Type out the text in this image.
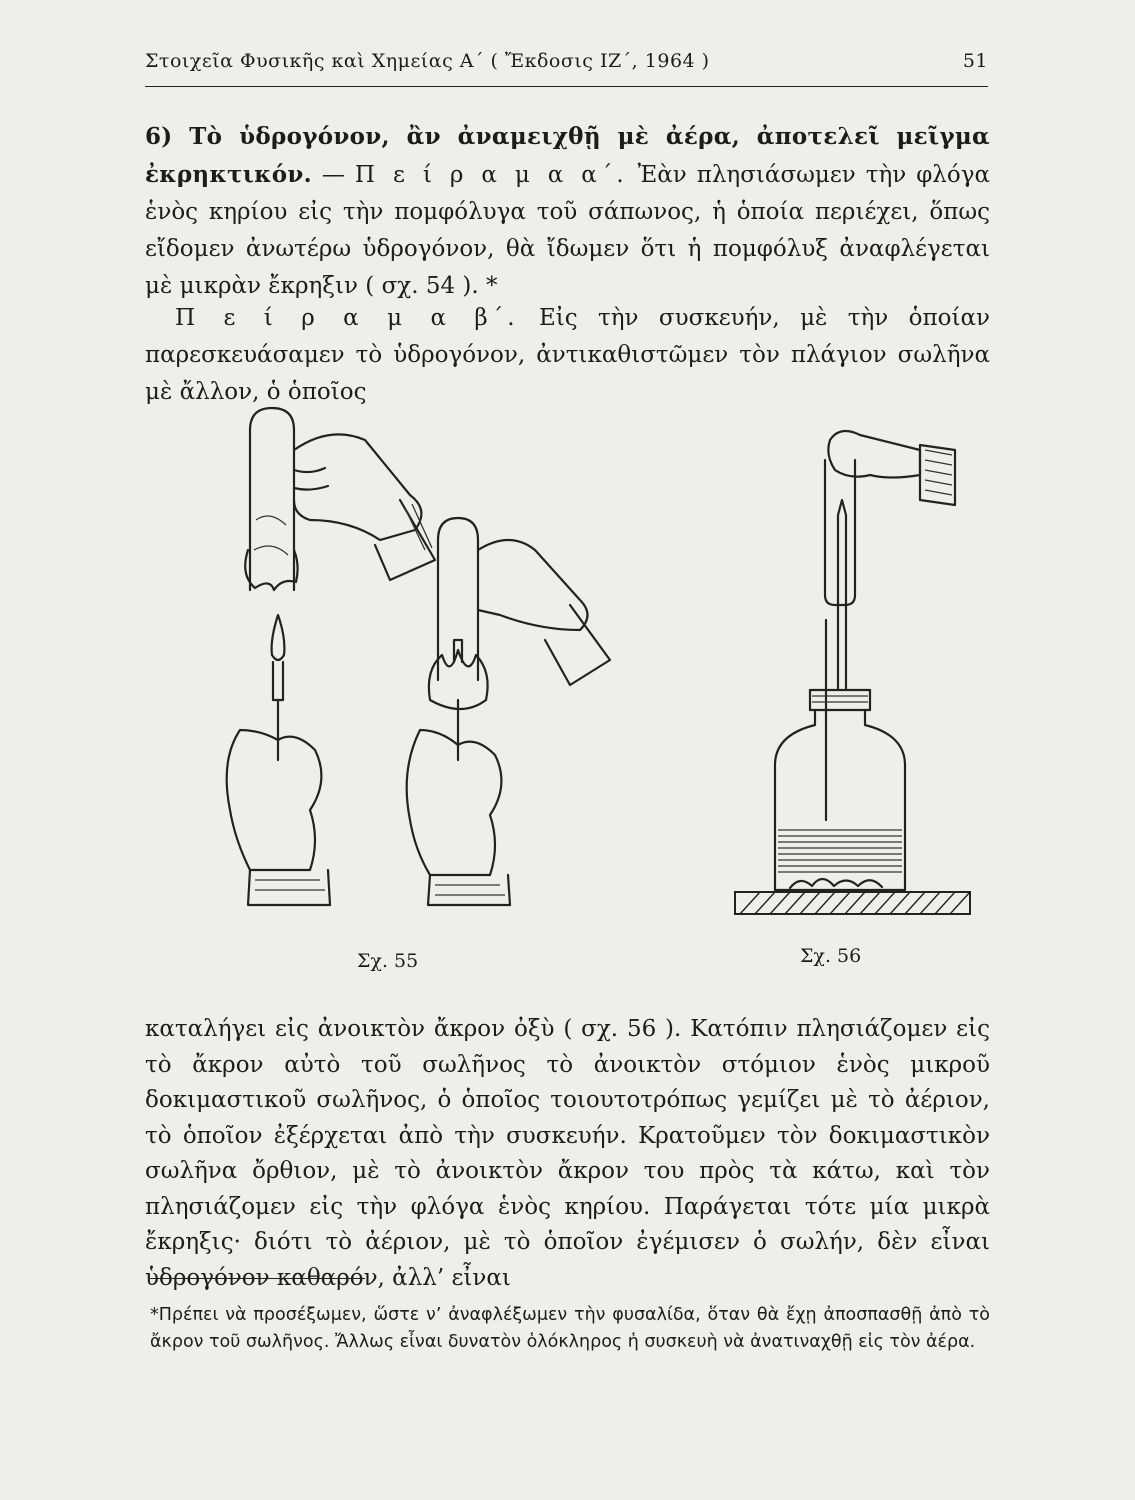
Στοιχεῖα Φυσικῆς καὶ Χημείας Α΄ ( Ἔκδοσις ΙΖ΄, 1964 )	51
6) Τὸ ὑδρογόνον, ἂν ἀναμειχθῇ μὲ ἀέρα, ἀποτελεῖ μεῖγμα ἐκρηκτικόν. — Π ε ί ρ α μ α α΄. Ἐὰν πλησιάσωμεν τὴν φλόγα ἑνὸς κηρίου εἰς τὴν πομφόλυγα τοῦ σάπωνος, ἡ ὁποία περιέχει, ὅπως εἴδομεν ἀνωτέρω ὑδρογόνον, θὰ ἴδωμεν ὅτι ἡ πομφόλυξ ἀναφλέγεται μὲ μικρὰν ἔκρηξιν ( σχ. 54 ). *
Π ε ί ρ α μ α β΄. Εἰς τὴν συσκευήν, μὲ τὴν ὁποίαν παρεσκευάσαμεν τὸ ὑδρογόνον, ἀντικαθιστῶμεν τὸν πλάγιον σωλῆνα μὲ ἄλλον, ὁ ὁποῖος
Σχ. 55	Σχ. 56
καταλήγει εἰς ἀνοικτὸν ἄκρον ὀξὺ ( σχ. 56 ). Κατόπιν πλησιάζομεν εἰς τὸ ἄκρον αὐτὸ τοῦ σωλῆνος τὸ ἀνοικτὸν στόμιον ἑνὸς μικροῦ δοκιμαστικοῦ σωλῆνος, ὁ ὁποῖος τοιουτοτρόπως γεμίζει μὲ τὸ ἀέριον, τὸ ὁποῖον ἐξέρχεται ἀπὸ τὴν συσκευήν. Κρατοῦμεν τὸν δοκιμαστικὸν σωλῆνα ὄρθιον, μὲ τὸ ἀνοικτὸν ἄκρον του πρὸς τὰ κάτω, καὶ τὸν πλησιάζομεν εἰς τὴν φλόγα ἑνὸς κηρίου. Παράγεται τότε μία μικρὰ ἔκρηξις· διότι τὸ ἀέριον, μὲ τὸ ὁποῖον ἐγέμισεν ὁ σωλήν, δὲν εἶναι ὑδρογόνον καθαρόν, ἀλλ’ εἶναι
*Πρέπει νὰ προσέξωμεν, ὥστε ν’ ἀναφλέξωμεν τὴν φυσαλίδα, ὅταν θὰ ἔχῃ ἀποσπασθῇ ἀπὸ τὸ ἄκρον τοῦ σωλῆνος. Ἄλλως εἶναι δυνατὸν ὁλόκληρος ἡ συσκευὴ νὰ ἀνατιναχθῇ εἰς τὸν ἀέρα.
